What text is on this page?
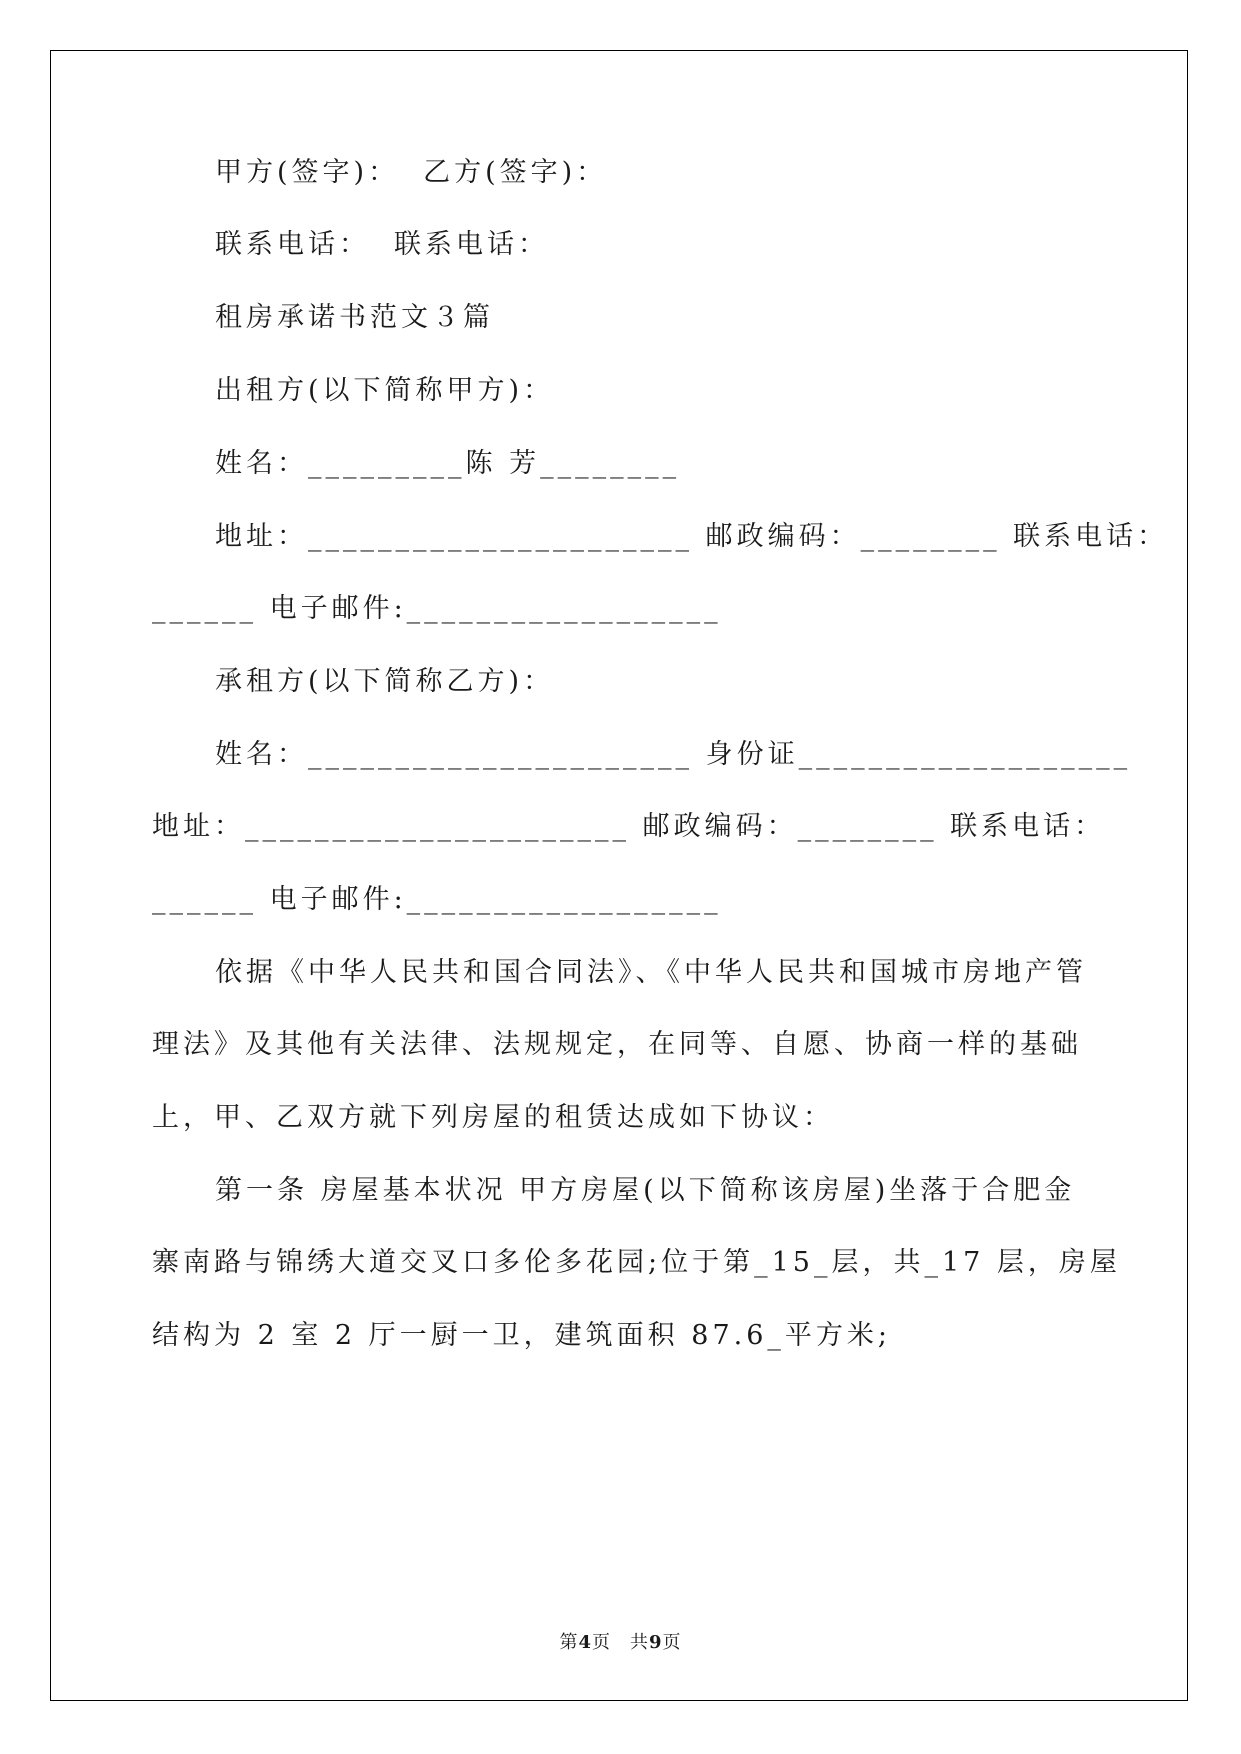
甲方(签字)： 乙方(签字)：
联系电话： 联系电话：
租房承诺书范文３篇
出租方(以下简称甲方)：
姓名：_________陈 芳________
地址：______________________ 邮政编码：________ 联系电话：
______ 电子邮件:__________________
承租方(以下简称乙方)：
姓名：______________________ 身份证___________________
地址：______________________ 邮政编码：________ 联系电话：
______ 电子邮件:__________________
依据《中华人民共和国合同法》、《中华人民共和国城市房地产管
理法》及其他有关法律、法规规定，在同等、自愿、协商一样的基础
上，甲、乙双方就下列房屋的租赁达成如下协议：
第一条 房屋基本状况 甲方房屋(以下简称该房屋)坐落于合肥金
寨南路与锦绣大道交叉口多伦多花园;位于第_15_层，共_17 层，房屋
结构为 2 室 2 厅一厨一卫，建筑面积 87.6_平方米;
第4页　共9页
